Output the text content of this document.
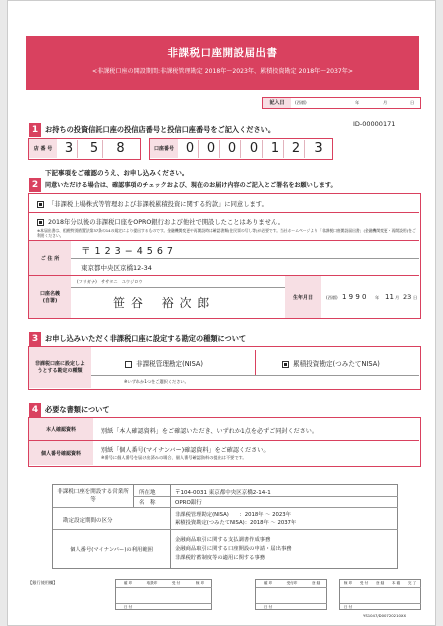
非課税口座開設届出書
<非課税口座の開設期間:非課税管理勘定 2018年〜2023年、累積投資勘定 2018年〜2037年>
記入日	(西暦)	年	月	日
ID-00000171
1 お持ちの投資信託口座の投信店番号と投信口座番号をご記入ください。
店 番 号 3	5	8	口座番号 0 0 0	0 1 2	3
下記事項をご確認のうえ、お申し込みください。
2	同意いただける場合は、確認事項のチェックおよび、現在のお届け内容のご記入とご署名をお願いします。
「非課税上場株式等管理および非課税累積投資に関する約款」に同意します。
2018年分以後の非課税口座をOPRO銀行および他社で開設したことはありません。
※本届出書は、租税特別措置法第37条の14の規定により提出するものです。金融機関変更や再開設時は確認書類(住民票の写し等)が必要です。当社ホームページより「非課税口座開設届出書」(金融機関変更・再開設用)をご利用ください。
ご 住 所
〒 1 2 3 − 4 5 6 7
東京都中央区京橋12-34
口座名義
(自署)
(フリガナ) ササタニ　ユウジロウ
笹 谷　 裕 次 郎	生年月日	(西暦) 1 9 9 0 年 11 月 23 日
3 お申し込みいただく非課税口座に設定する勘定の種類について
非課税口座に設定しようとする勘定の種類
非課税管理勘定(NISA)	累積投資勘定(つみたてNISA)
※いずれか1つをご選択ください。
4 必要な書類について
本人確認資料	別紙「本人確認資料」をご確認いただき、いずれか1点を必ずご同封ください。
個人番号確認資料	別紙「個人番号(マイナンバー)確認資料」をご確認ください。
※番号に個人番号を届け出済みの場合、個人番号確認資料の提出は不要です。
非課税口座を開設する営業所等
所在地	〒104-0031 東京都中央区京橋2-14-1
名　称	OPRO銀行
勘定設定期間の区分
非課税管理勘定(NISA)　　：2018年 〜 2023年
累積投資勘定(つみたてNISA)：2018年 〜 2037年
個人番号(マイナンバー)の利用範囲
金融商品取引に関する支払調書作成事務
金融商品取引に関する口座開設の申請・届出事務
非課税貯蓄制度等の適用に関する事務
【銀行使用欄】	確 印	取扱印	受 付	検 印
日 付
確 印	受付印	登 録
日 付
検 印	受 付	登 録	本 確	完 了
日 付
YS1047/D00720210XX
